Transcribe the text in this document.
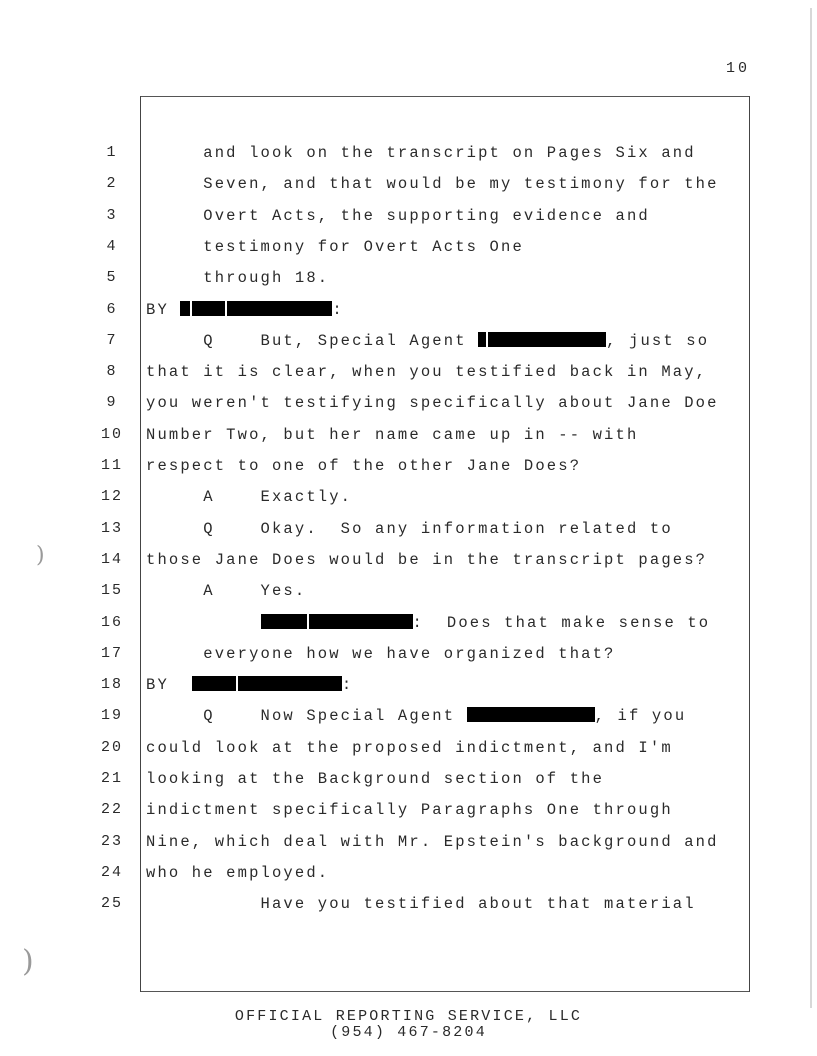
10
1	and look on the transcript on Pages Six and
2	Seven, and that would be my testimony for the
3	Overt Acts, the supporting evidence and
4	testimony for Overt Acts One
5	through 18.
6	BY	:
7	Q    But, Special Agent	, just so
8	that it is clear, when you testified back in May,
9	you weren't testifying specifically about Jane Doe
10	Number Two, but her name came up in -- with
11	respect to one of the other Jane Does?
12	A    Exactly.
13	Q    Okay.  So any information related to
14	those Jane Does would be in the transcript pages?
15	A    Yes.
16
	:  Does that make sense to
17	everyone how we have organized that?
18	BY	:
19	Q    Now Special Agent	, if you
20	could look at the proposed indictment, and I'm
21	looking at the Background section of the
22	indictment specifically Paragraphs One through
23	Nine, which deal with Mr. Epstein's background and
24	who he employed.
25	Have you testified about that material
OFFICIAL REPORTING SERVICE, LLC
(954) 467-8204
)
)
